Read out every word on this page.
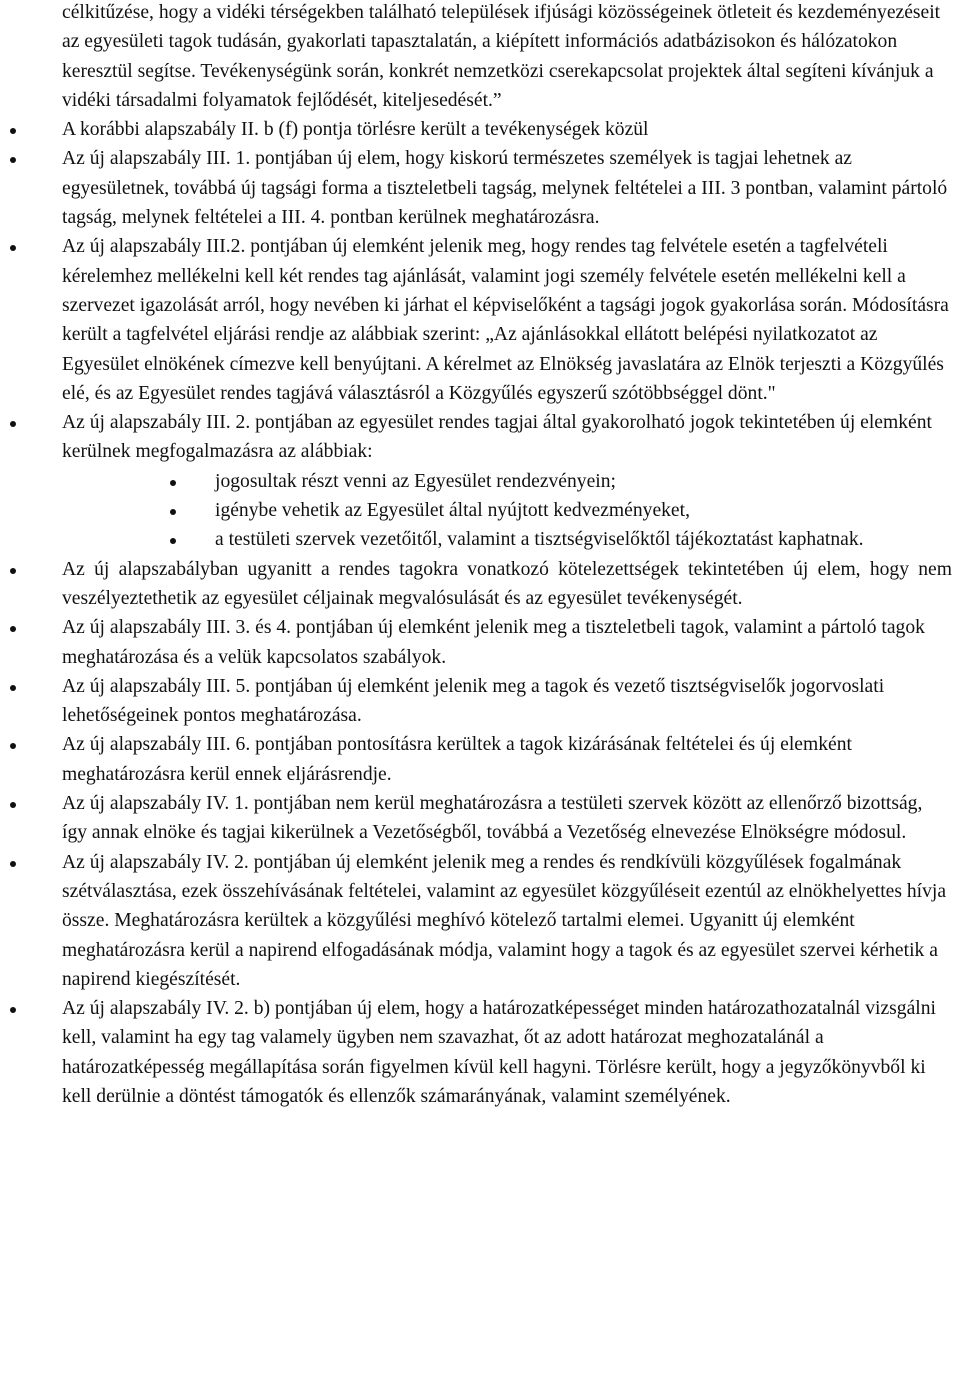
célkitűzése, hogy a vidéki térségekben található települések ifjúsági közösségeinek ötleteit és kezdeményezéseit az egyesületi tagok tudásán, gyakorlati tapasztalatán, a kiépített információs adatbázisokon és hálózatokon keresztül segítse. Tevékenységünk során, konkrét nemzetközi cserekapcsolat projektek által segíteni kívánjuk a vidéki társadalmi folyamatok fejlődését, kiteljesedését.”

A korábbi alapszabály II. b (f) pontja törlésre került a tevékenységek közül
Az új alapszabály III. 1. pontjában új elem, hogy kiskorú természetes személyek is tagjai lehetnek az egyesületnek, továbbá új tagsági forma a tiszteletbeli tagság, melynek feltételei a III. 3 pontban, valamint pártoló tagság, melynek feltételei a III. 4. pontban kerülnek meghatározásra.
Az új alapszabály III.2. pontjában új elemként jelenik meg, hogy rendes tag felvétele esetén a tagfelvételi kérelemhez mellékelni kell két rendes tag ajánlását, valamint jogi személy felvétele esetén mellékelni kell a szervezet igazolását arról, hogy nevében ki járhat el képviselőként a tagsági jogok gyakorlása során. Módosításra került a tagfelvétel eljárási rendje az alábbiak szerint: „Az ajánlásokkal ellátott belépési nyilatkozatot az Egyesület elnökének címezve kell benyújtani. A kérelmet az Elnökség javaslatára az Elnök terjeszti a Közgyűlés elé, és az Egyesület rendes tagjává választásról a Közgyűlés egyszerű szótöbbséggel dönt."
Az új alapszabály III. 2. pontjában az egyesület rendes tagjai által gyakorolható jogok tekintetében új elemként kerülnek megfogalmazásra az alábbiak:
jogosultak részt venni az Egyesület rendezvényein;
igénybe vehetik az Egyesület által nyújtott kedvezményeket,
a testületi szervek vezetőitől, valamint a tisztségviselőktől tájékoztatást kaphatnak.
Az új alapszabályban ugyanitt a rendes tagokra vonatkozó kötelezettségek tekintetében új elem, hogy nem veszélyeztethetik az egyesület céljainak megvalósulását és az egyesület tevékenységét.
Az új alapszabály III. 3. és 4. pontjában új elemként jelenik meg a tiszteletbeli tagok, valamint a pártoló tagok meghatározása és a velük kapcsolatos szabályok.
Az új alapszabály III. 5. pontjában új elemként jelenik meg a tagok és vezető tisztségviselők jogorvoslati lehetőségeinek pontos meghatározása.
Az új alapszabály III. 6. pontjában pontosításra kerültek a tagok kizárásának feltételei és új elemként meghatározásra kerül ennek eljárásrendje.
Az új alapszabály IV. 1. pontjában nem kerül meghatározásra a testületi szervek között az ellenőrző bizottság, így annak elnöke és tagjai kikerülnek a Vezetőségből, továbbá a Vezetőség elnevezése Elnökségre módosul.
Az új alapszabály IV. 2. pontjában új elemként jelenik meg a rendes és rendkívüli közgyűlések fogalmának szétválasztása, ezek összehívásának feltételei, valamint az egyesület közgyűléseit ezentúl az elnökhelyettes hívja össze. Meghatározásra kerültek a közgyűlési meghívó kötelező tartalmi elemei. Ugyanitt új elemként meghatározásra kerül a napirend elfogadásának módja, valamint hogy a tagok és az egyesület szervei kérhetik a napirend kiegészítését.
Az új alapszabály IV. 2. b) pontjában új elem, hogy a határozatképességet minden határozathozatalnál vizsgálni kell, valamint ha egy tag valamely ügyben nem szavazhat, őt az adott határozat meghozatalánál a határozatképesség megállapítása során figyelmen kívül kell hagyni. Törlésre került, hogy a jegyzőkönyvből ki kell derülnie a döntést támogatók és ellenzők számarányának, valamint személyének.
